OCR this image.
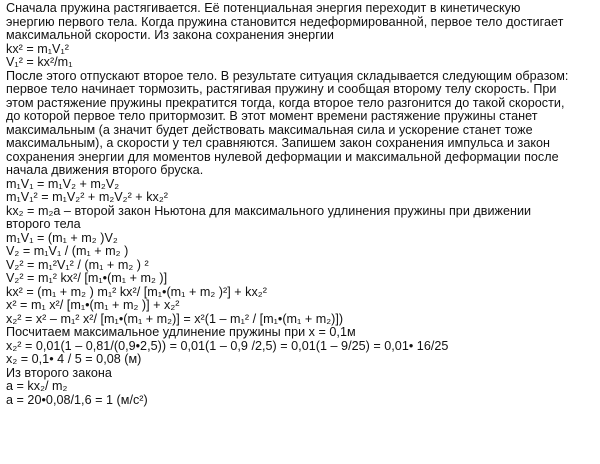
Сначала пружина растягивается. Её потенциальная энергия переходит в кинетическую
энергию первого тела. Когда пружина становится недеформированной, первое тело достигает
максимальной скорости. Из закона сохранения энергии
kx² = m₁V₁²
V₁² = kx²/m₁
После этого отпускают второе тело. В результате ситуация складывается следующим образом:
первое тело начинает тормозить, растягивая пружину и сообщая второму телу скорость. При
этом растяжение пружины прекратится тогда, когда второе тело разгонится до такой скорости,
до которой первое тело притормозит. В этот момент времени растяжение пружины станет
максимальным (а значит будет действовать максимальная сила и ускорение станет тоже
максимальным), а скорости у тел сравняются. Запишем закон сохранения импульса и закон
сохранения энергии для моментов нулевой деформации и максимальной деформации после
начала движения второго бруска.
m₁V₁ = m₁V₂ + m₂V₂
m₁V₁² = m₁V₂² + m₂V₂² + kx₂²
kx₂ = m₂a – второй закон Ньютона для максимального удлинения пружины при движении
второго тела
m₁V₁ = (m₁ + m₂ )V₂
V₂ = m₁V₁ / (m₁ + m₂ )
V₂² = m₁²V₁² / (m₁ + m₂ ) ²
V₂² = m₁² kx²/ [m₁•(m₁ + m₂ )]
kx² = (m₁ + m₂ ) m₁² kx²/ [m₁•(m₁ + m₂ )²] + kx₂²
x² = m₁ x²/ [m₁•(m₁ + m₂ )] + x₂²
x₂² = x² – m₁² x²/ [m₁•(m₁ + m₂)] = x²(1 – m₁² / [m₁•(m₁ + m₂)])
Посчитаем максимальное удлинение пружины при x = 0,1м
x₂² = 0,01(1 – 0,81/(0,9•2,5)) = 0,01(1 – 0,9 /2,5) = 0,01(1 – 9/25) = 0,01• 16/25
x₂ = 0,1• 4 / 5 = 0,08 (м)
Из второго закона
a = kx₂/ m₂
a = 20•0,08/1,6 = 1 (м/с²)
